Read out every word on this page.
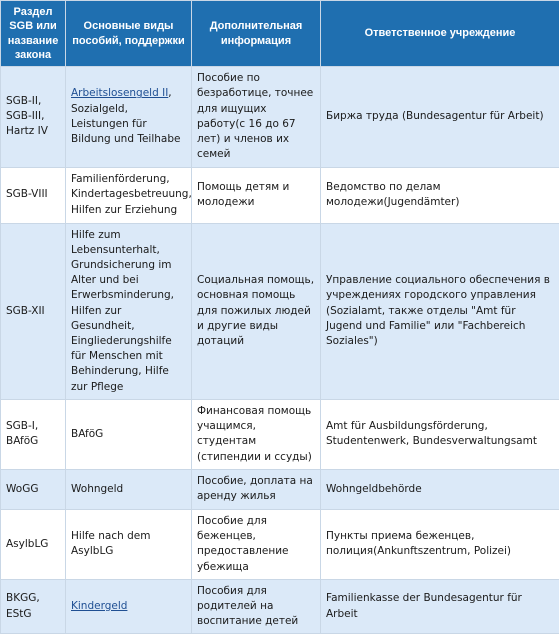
Раздел SGB или название закона	Основные виды пособий, поддержки	Дополнительная информация	Ответственное учреждение
SGB-II, SGB-III, Hartz IV	Arbeitslosengeld II, Sozialgeld, Leistungen für Bildung und Teilhabe	Пособие по безработице, точнее для ищущих работу(с 16 до 67 лет) и членов их семей	Биржа труда (Bundesagentur für Arbeit)
SGB-VIII	Familienförderung, Kindertagesbetreuung, Hilfen zur Erziehung	Помощь детям и молодежи	Ведомство по делам молодежи(Jugendämter)
SGB-XII	Hilfe zum Lebensunterhalt, Grundsicherung im Alter und bei Erwerbsminderung, Hilfen zur Gesundheit, Eingliederungshilfe für Menschen mit Behinderung, Hilfe zur Pflege	Социальная помощь, основная помощь для пожилых людей и другие виды дотаций	Управление социального обеспечения в учреждениях городского управления (Sozialamt, также отделы "Amt für Jugend und Familie" или "Fachbereich Soziales")
SGB-I, BAföG	BAföG	Финансовая помощь учащимся, студентам (стипендии и ссуды)	Amt für Ausbildungsförderung, Studentenwerk, Bundesverwaltungsamt
WoGG	Wohngeld	Пособие, доплата на аренду жилья	Wohngeldbehörde
AsylbLG	Hilfe nach dem AsylbLG	Пособие для беженцев, предоставление убежища	Пункты приема беженцев, полиция(Ankunftszentrum, Polizei)
BKGG, EStG	Kindergeld	Пособия для родителей на воспитание детей	Familienkasse der Bundesagentur für Arbeit
